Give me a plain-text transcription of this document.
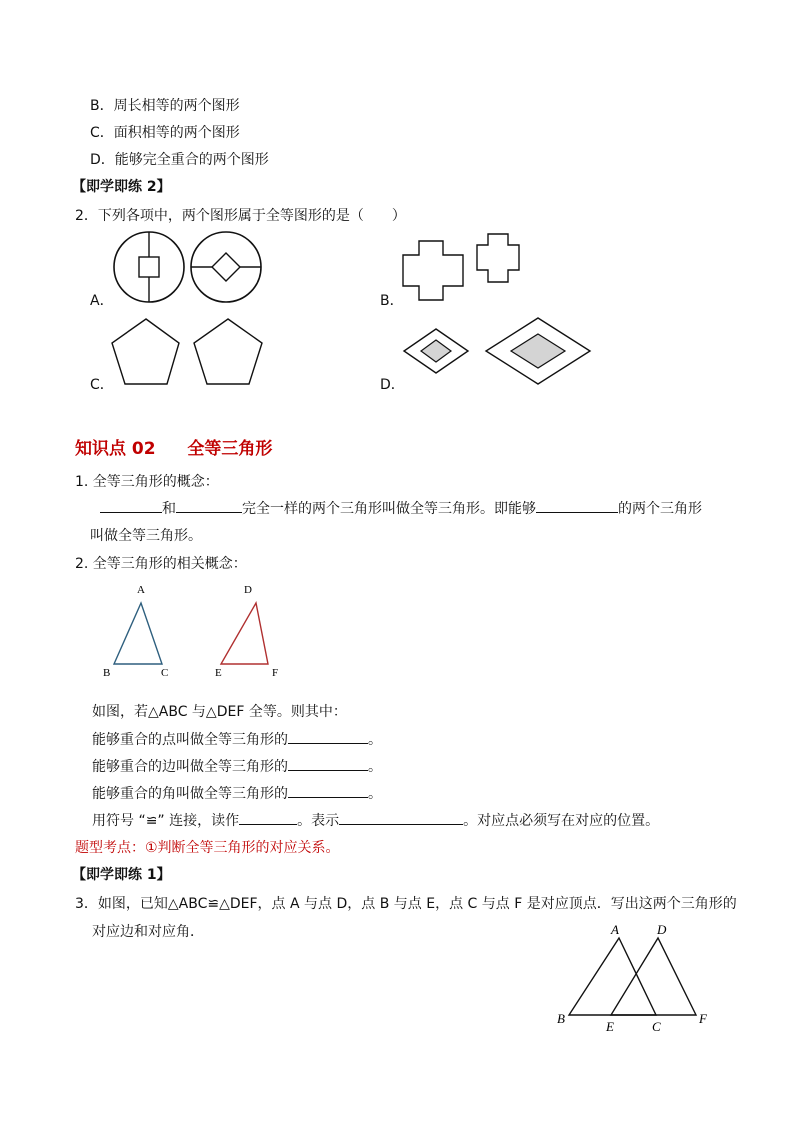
B．周长相等的两个图形
C．面积相等的两个图形
D．能够完全重合的两个图形
【即学即练 2】
2．下列各项中，两个图形属于全等图形的是（　　）
A．	B．
C．	D．
知识点 02 全等三角形
1. 全等三角形的概念：
和	完全一样的两个三角形叫做全等三角形。即能够	的两个三角形
叫做全等三角形。
2. 全等三角形的相关概念：
A
B	C
D
E	F
如图，若△ABC 与△DEF 全等。则其中：
能够重合的点叫做全等三角形的	。
能够重合的边叫做全等三角形的	。
能够重合的角叫做全等三角形的	。
用符号 “≌” 连接，读作	。表示	。对应点必须写在对应的位置。
题型考点：①判断全等三角形的对应关系。
【即学即练 1】
3．如图，已知△ABC≌△DEF，点 A 与点 D，点 B 与点 E，点 C 与点 F 是对应顶点．写出这两个三角形的
对应边和对应角．	A	D
B
E	C
F
